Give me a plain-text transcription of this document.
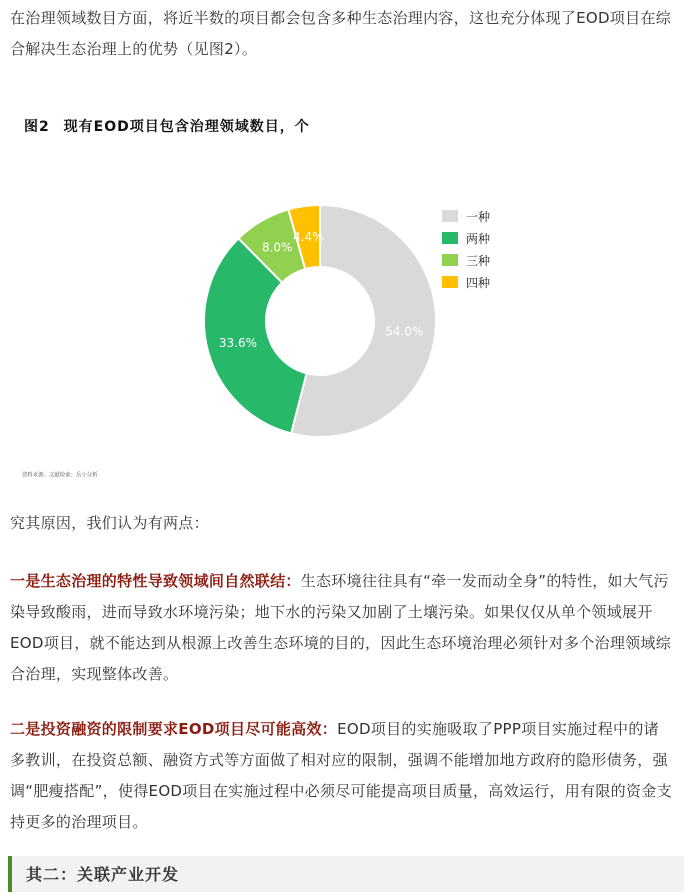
在治理领域数目方面，将近半数的项目都会包含多种生态治理内容，这也充分体现了EOD项目在综合解决生态治理上的优势（见图2）。

图2 现有EOD项目包含治理领域数目，个

54.0%
33.6%
8.0%
4.4%
一种
两种
三种
四种
资料来源：文献检索；岳小分析

究其原因，我们认为有两点：

一是生态治理的特性导致领域间自然联结：生态环境往往具有“牵一发而动全身”的特性，如大气污染导致酸雨，进而导致水环境污染；地下水的污染又加剧了土壤污染。如果仅仅从单个领域展开EOD项目，就不能达到从根源上改善生态环境的目的，因此生态环境治理必须针对多个治理领域综合治理，实现整体改善。

二是投资融资的限制要求EOD项目尽可能高效：EOD项目的实施吸取了PPP项目实施过程中的诸多教训，在投资总额、融资方式等方面做了相对应的限制，强调不能增加地方政府的隐形债务，强调“肥瘦搭配”，使得EOD项目在实施过程中必须尽可能提高项目质量，高效运行，用有限的资金支持更多的治理项目。

其二：关联产业开发
